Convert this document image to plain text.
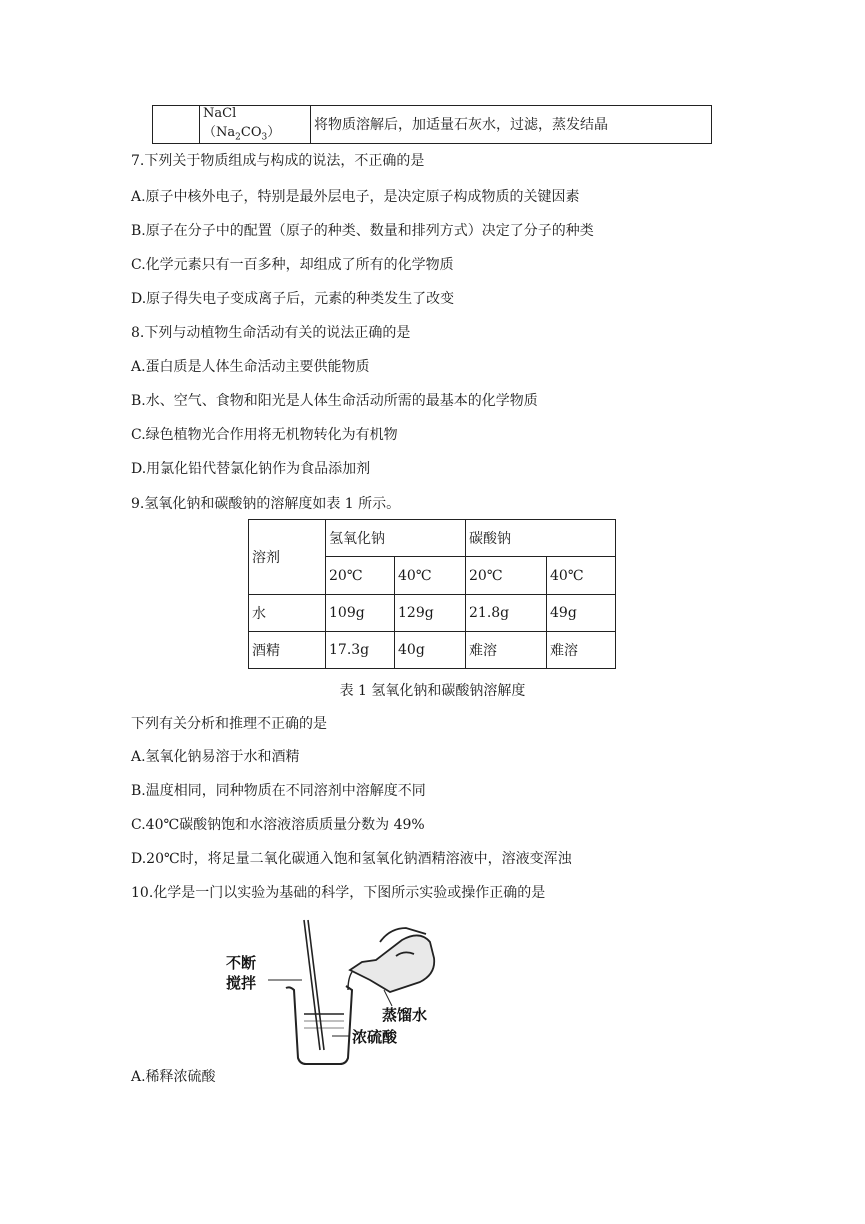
	$NaCl(Na_2CO_3)$	将物质溶解后，加适量石灰水，过滤，蒸发结晶
7.下列关于物质组成与构成的说法，不正确的是
A.原子中核外电子，特别是最外层电子，是决定原子构成物质的关键因素
B.原子在分子中的配置（原子的种类、数量和排列方式）决定了分子的种类
C.化学元素只有一百多种，却组成了所有的化学物质
D.原子得失电子变成离子后，元素的种类发生了改变
8.下列与动植物生命活动有关的说法正确的是
A.蛋白质是人体生命活动主要供能物质
B.水、空气、食物和阳光是人体生命活动所需的最基本的化学物质
C.绿色植物光合作用将无机物转化为有机物
D.用氯化铅代替氯化钠作为食品添加剂
9.氢氧化钠和碳酸钠的溶解度如表 1 所示。
溶剂	氢氧化钠		碳酸钠	
	20℃	40℃	20℃	40℃
水	109g	129g	21.8g	49g
酒精	17.3g	40g	难溶	难溶
表 1 氢氧化钠和碳酸钠溶解度
下列有关分析和推理不正确的是
A.氢氧化钠易溶于水和酒精
B.温度相同，同种物质在不同溶剂中溶解度不同
C.40℃碳酸钠饱和水溶液溶质质量分数为 49%
D.20℃时，将足量二氧化碳通入饱和氢氧化钠酒精溶液中，溶液变浑浊
10.化学是一门以实验为基础的科学，下图所示实验或操作正确的是
不断
搅拌
蒸馏水
浓硫酸
A.稀释浓硫酸
